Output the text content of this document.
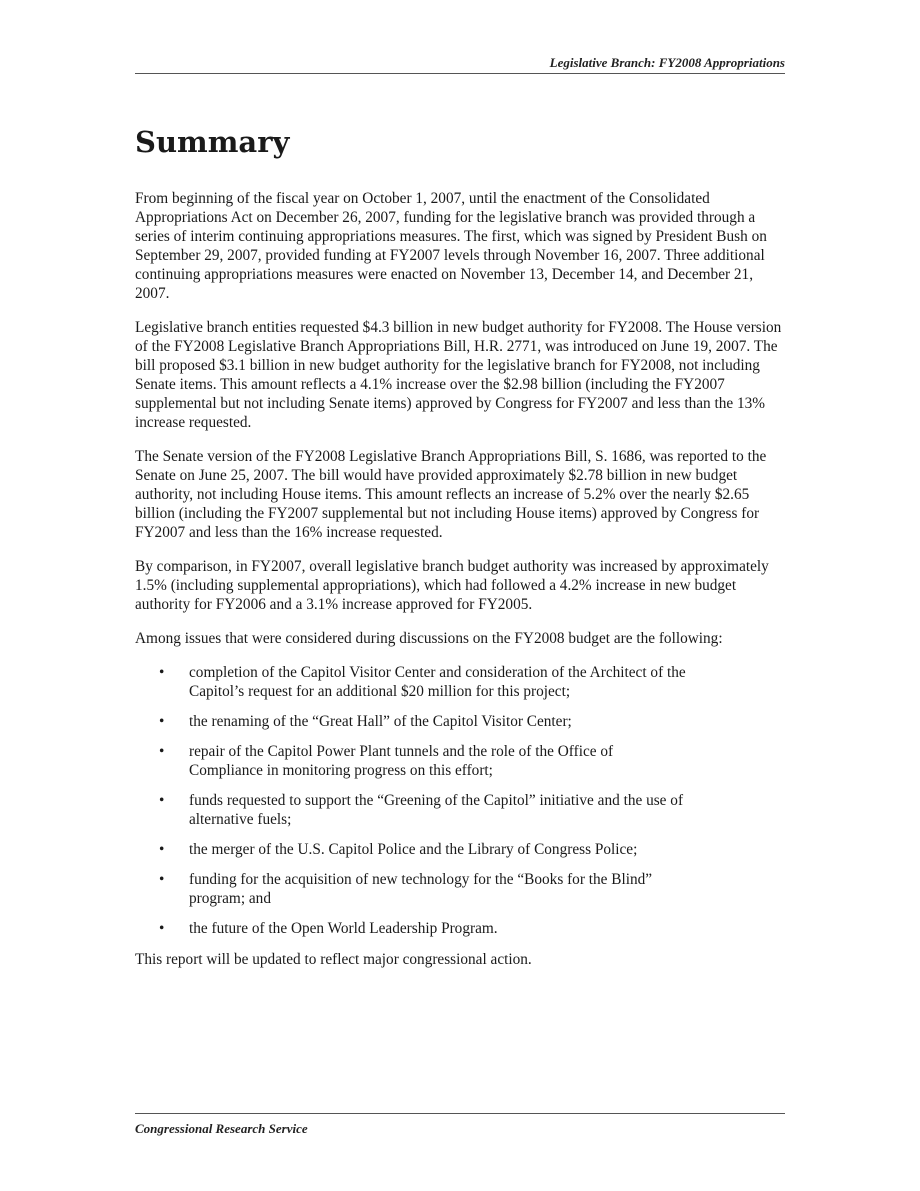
Legislative Branch: FY2008 Appropriations
Summary

From beginning of the fiscal year on October 1, 2007, until the enactment of the Consolidated Appropriations Act on December 26, 2007, funding for the legislative branch was provided through a series of interim continuing appropriations measures. The first, which was signed by President Bush on September 29, 2007, provided funding at FY2007 levels through November 16, 2007. Three additional continuing appropriations measures were enacted on November 13, December 14, and December 21, 2007.

Legislative branch entities requested $4.3 billion in new budget authority for FY2008. The House version of the FY2008 Legislative Branch Appropriations Bill, H.R. 2771, was introduced on June 19, 2007. The bill proposed $3.1 billion in new budget authority for the legislative branch for FY2008, not including Senate items. This amount reflects a 4.1% increase over the $2.98 billion (including the FY2007 supplemental but not including Senate items) approved by Congress for FY2007 and less than the 13% increase requested.

The Senate version of the FY2008 Legislative Branch Appropriations Bill, S. 1686, was reported to the Senate on June 25, 2007. The bill would have provided approximately $2.78 billion in new budget authority, not including House items. This amount reflects an increase of 5.2% over the nearly $2.65 billion (including the FY2007 supplemental but not including House items) approved by Congress for FY2007 and less than the 16% increase requested.

By comparison, in FY2007, overall legislative branch budget authority was increased by approximately 1.5% (including supplemental appropriations), which had followed a 4.2% increase in new budget authority for FY2006 and a 3.1% increase approved for FY2005.

Among issues that were considered during discussions on the FY2008 budget are the following:

• completion of the Capitol Visitor Center and consideration of the Architect of the Capitol’s request for an additional $20 million for this project;
• the renaming of the “Great Hall” of the Capitol Visitor Center;
• repair of the Capitol Power Plant tunnels and the role of the Office of Compliance in monitoring progress on this effort;
• funds requested to support the “Greening of the Capitol” initiative and the use of alternative fuels;
• the merger of the U.S. Capitol Police and the Library of Congress Police;
• funding for the acquisition of new technology for the “Books for the Blind” program; and
• the future of the Open World Leadership Program.

This report will be updated to reflect major congressional action.

Congressional Research Service
